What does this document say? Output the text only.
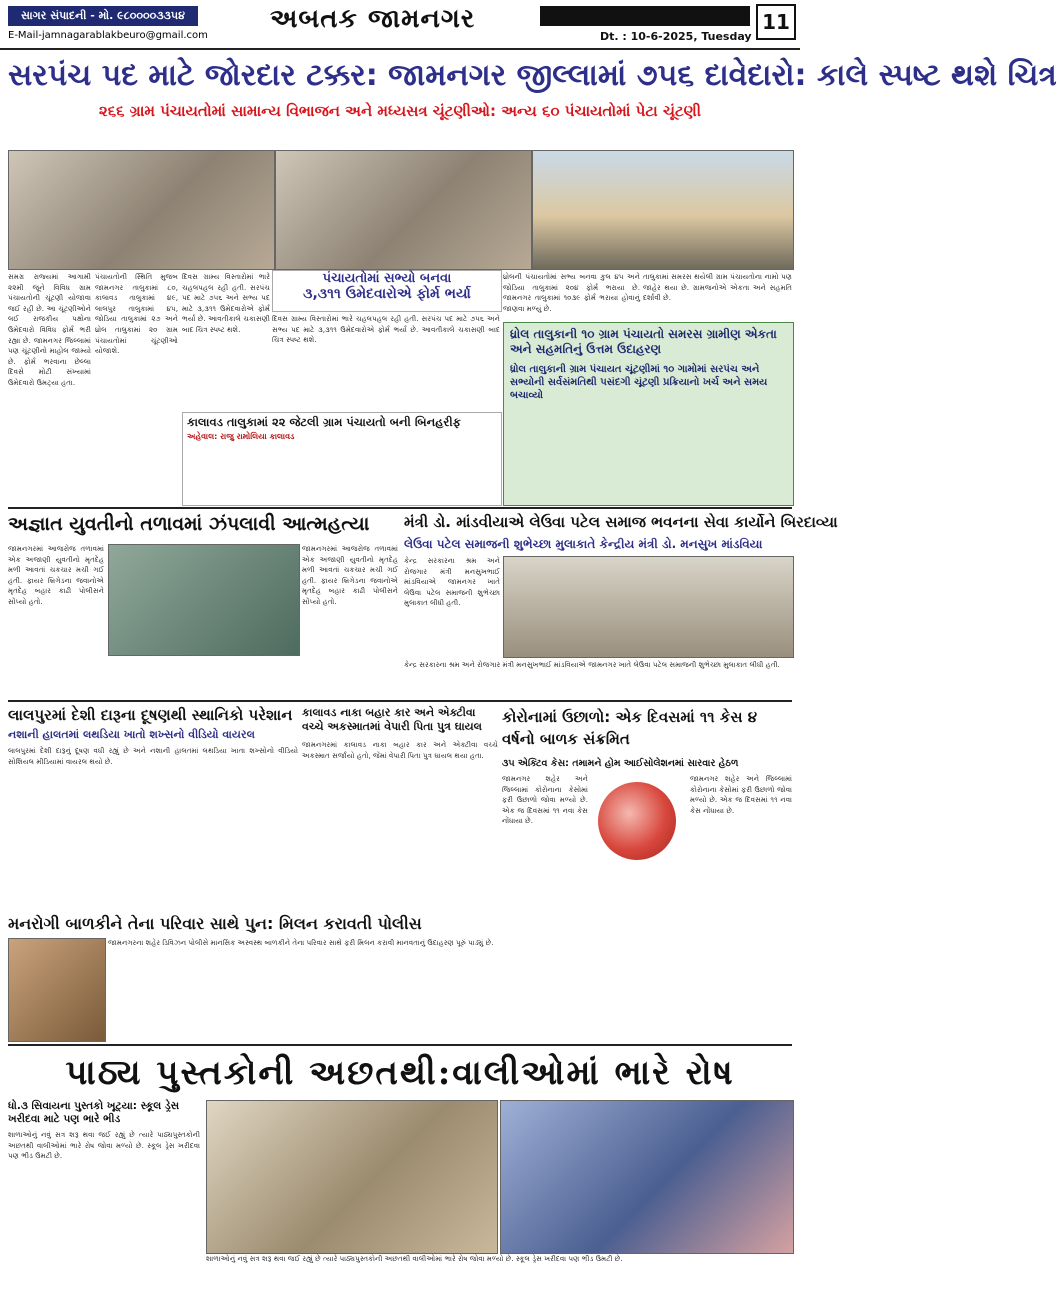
સાગર સંપાદની - મો. ૯૮૦૦૦૦૩૩૫૪
E-Mail-jamnagarablakbeuro@gmail.com
અબતક જામનગર	11
Dt. : 10-6-2025, Tuesday
સરપંચ પદ માટે જોરદાર ટક્કર: જામનગર જીલ્લામાં ૭૫૬ દાવેદારો: કાલે સ્પષ્ટ થશે ચિત્ર
૨૬૬ ગ્રામ પંચાયતોમાં સામાન્ય વિભાજન અને મધ્યસત્ર ચૂંટણીઓ: અન્ય ૬૦ પંચાયતોમાં પેટા ચૂંટણી
સમગ્ર રાજ્યમાં આગામી ૨૨મી જૂને વિવિધ ગ્રામ પંચાયતોની ચૂંટણી યોજાવા જઈ રહી છે. આ ચૂંટણીઓને લઈ રાજકીય પક્ષોના ઉમેદવારો વિવિધ ફોર્મ ભરી રહ્યા છે. જામનગર જિલ્લામાં પણ ચૂંટણીનો માહોલ જામ્યો છે. ફોર્મ ભરવાના છેલ્લા દિવસે મોટી સંખ્યામાં ઉમેદવારો ઉમટ્યા હતા.
પંચાયતોની સ્થિતિ મુજબ જામનગર તાલુકામાં ૮૦, કાલાવડ તાલુકામાં ૪૯, લાલપુર તાલુકામાં ૪૫, જોડિયા તાલુકામાં ૨૭ અને ધ્રોલ તાલુકામાં ૨૦ ગ્રામ પંચાયતોમાં ચૂંટણીઓ યોજાશે.
દિવસ ગ્રામ્ય વિસ્તારોમાં ભારે ચહલપહલ રહી હતી. સરપંચ પદ માટે ૭૫૬ અને સભ્ય પદ માટે ૩,૩૧૧ ઉમેદવારોએ ફોર્મ ભર્યા છે. આવતીકાલે ચકાસણી બાદ ચિત્ર સ્પષ્ટ થશે.
પંચાયતોમાં સભ્યો બનવા
૩,૩૧૧ ઉમેદવારોએ ફોર્મ ભર્યા
દિવસ ગ્રામ્ય વિસ્તારોમાં ભારે ચહલપહલ રહી હતી. સરપંચ પદ માટે ૭૫૬ અને સભ્ય પદ માટે ૩,૩૧૧ ઉમેદવારોએ ફોર્મ ભર્યા છે. આવતીકાલે ચકાસણી બાદ ચિત્ર સ્પષ્ટ થશે.
ધ્રોલની પંચાયતોમાં સભ્ય બનવા કુલ ૪૫ અને જોડિયા તાલુકામાં ૨૦૪ ફોર્મ ભરાયા છે. જામનગર તાલુકામાં ૧૦૩૯ ફોર્મ ભરાયા હોવાનું જાણવા મળ્યું છે.
તાલુકામાં સમરસ થયેલી ગ્રામ પંચાયતોના નામો પણ જાહેર થયા છે. ગ્રામજનોએ એકતા અને સહમતિ દર્શાવી છે.
કાલાવડ તાલુકામાં ૨૨ જેટલી ગ્રામ પંચાયતો બની બિનહરીફ
અહેવાલ: રાજુ રામોલિયા કાલાવડ
ધ્રોલ તાલુકાની ૧૦ ગ્રામ પંચાયતો સમરસ ગ્રામીણ એકતા અને સહમતિનું ઉત્તમ ઉદાહરણ
ધ્રોલ તાલુકાની ગ્રામ પંચાયત ચૂંટણીમાં ૧૦ ગામોમાં સરપંચ અને સભ્યોની સર્વસંમતિથી પસંદગી ચૂંટણી પ્રક્રિયાનો ખર્ચ અને સમય બચાવ્યો
અજ્ઞાત યુવતીનો તળાવમાં ઝંપલાવી આત્મહત્યા
જામનગરમાં આજરોજ તળાવમાં એક અજાણી યુવતીનો મૃતદેહ મળી આવતાં ચકચાર મચી ગઈ હતી. ફાયર બ્રિગેડના જવાનોએ મૃતદેહ બહાર કાઢી પોલીસને સોંપ્યો હતો.
જામનગરમાં આજરોજ તળાવમાં એક અજાણી યુવતીનો મૃતદેહ મળી આવતાં ચકચાર મચી ગઈ હતી. ફાયર બ્રિગેડના જવાનોએ મૃતદેહ બહાર કાઢી પોલીસને સોંપ્યો હતો.
મંત્રી ડો. માંડવીયાએ લેઉવા પટેલ સમાજ ભવનના સેવા કાર્યોને બિરદાવ્યા
લેઉવા પટેલ સમાજની શુભેચ્છા મુલાકાતે કેન્દ્રીય મંત્રી ડો. મનસુખ માંડવિયા
કેન્દ્ર સરકારના શ્રમ અને રોજગાર મંત્રી મનસુખભાઈ માંડવિયાએ જામનગર ખાતે લેઉવા પટેલ સમાજની શુભેચ્છા મુલાકાત લીધી હતી.
કેન્દ્ર સરકારના શ્રમ અને રોજગાર મંત્રી મનસુખભાઈ માંડવિયાએ જામનગર ખાતે લેઉવા પટેલ સમાજની શુભેચ્છા મુલાકાત લીધી હતી.
લાલપુરમાં દેશી દારૂના દૂષણથી સ્થાનિકો પરેશાન
નશાની હાલતમાં લથડિયા ખાતો શખ્સનો વીડિયો વાયરલ
લાલપુરમાં દેશી દારૂનું દૂષણ વધી રહ્યું છે અને નશાની હાલતમાં લથડિયા ખાતા શખ્સોનો વીડિયો સોશિયલ મીડિયામાં વાયરલ થયો છે.
કાલાવડ નાકા બહાર કાર અને એક્ટીવા વચ્ચે અકસ્માતમાં વેપારી પિતા પુત્ર ઘાયલ
જામનગરમાં કાલાવડ નાકા બહાર કાર અને એક્ટીવા વચ્ચે અકસ્માત સર્જાયો હતો, જેમાં વેપારી પિતા પુત્ર ઘાયલ થયા હતા.
કોરોનામાં ઉછાળો: એક દિવસમાં ૧૧ કેસ ૪ વર્ષનો બાળક સંક્રમિત
૩૫ એક્ટિવ કેસ: તમામને હોમ આઈસોલેશનમાં સારવાર હેઠળ
જામનગર શહેર અને જિલ્લામાં કોરોનાના કેસોમાં ફરી ઉછાળો જોવા મળ્યો છે. એક જ દિવસમાં ૧૧ નવા કેસ નોંધાયા છે.
જામનગર શહેર અને જિલ્લામાં કોરોનાના કેસોમાં ફરી ઉછાળો જોવા મળ્યો છે. એક જ દિવસમાં ૧૧ નવા કેસ નોંધાયા છે.
મનરોગી બાળકીને તેના પરિવાર સાથે પુન: મિલન કરાવતી પોલીસ
જામનગરના શહેર ડિવિઝન પોલીસે માનસિક અસ્વસ્થ બાળકીને તેના પરિવાર સાથે ફરી મિલન કરાવી માનવતાનું ઉદાહરણ પૂરું પાડ્યું છે.
પાઠ્ય પુસ્તકોની અછતથી:વાલીઓમાં ભારે રોષ
ધો.૩ સિવાયના પુસ્તકો ખૂટ્યા: સ્કૂલ ડ્રેસ ખરીદવા માટે પણ ભારે ભીડ
શાળાઓનું નવું સત્ર શરૂ થવા જઈ રહ્યું છે ત્યારે પાઠ્યપુસ્તકોની અછતથી વાલીઓમાં ભારે રોષ જોવા મળ્યો છે. સ્કૂલ ડ્રેસ ખરીદવા પણ ભીડ ઉમટી છે.
શાળાઓનું નવું સત્ર શરૂ થવા જઈ રહ્યું છે ત્યારે પાઠ્યપુસ્તકોની અછતથી વાલીઓમાં ભારે રોષ જોવા મળ્યો છે. સ્કૂલ ડ્રેસ ખરીદવા પણ ભીડ ઉમટી છે.
